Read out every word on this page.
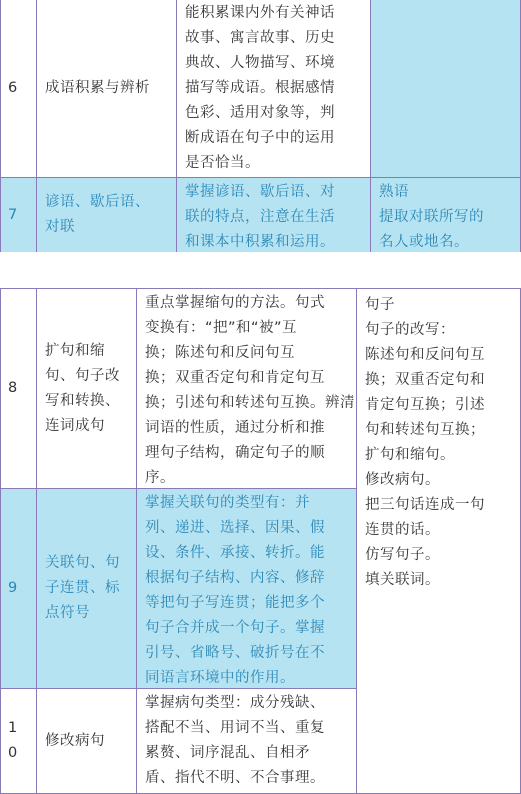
6 成语积累与辨析
能积累课内外有关神话
故事、寓言故事、历史
典故、人物描写、环境
描写等成语。根据感情
色彩、适用对象等，判
断成语在句子中的运用
是否恰当。
7
谚语、歇后语、
对联
掌握谚语、歇后语、对
联的特点，注意在生活
和课本中积累和运用。
熟语
提取对联所写的
名人或地名。
8
扩句和缩
句、句子改
写和转换、
连词成句
重点掌握缩句的方法。句式
变换有：“把”和“被”互
换；陈述句和反问句互
换；双重否定句和肯定句互
换；引述句和转述句互换。辨清
词语的性质，通过分析和推
理句子结构，确定句子的顺
序。
9
关联句、句
子连贯、标
点符号
掌握关联句的类型有：并
列、递进、选择、因果、假
设、条件、承接、转折。能
根据句子结构、内容、修辞
等把句子写连贯；能把多个
句子合并成一个句子。掌握
引号、省略号、破折号在不
同语言环境中的作用。
1
0
修改病句
掌握病句类型：成分残缺、
搭配不当、用词不当、重复
累赘、词序混乱、自相矛
盾、指代不明、不合事理。
句子
句子的改写：
陈述句和反问句互
换；双重否定句和
肯定句互换；引述
句和转述句互换；
扩句和缩句。
修改病句。
把三句话连成一句
连贯的话。
仿写句子。
填关联词。
